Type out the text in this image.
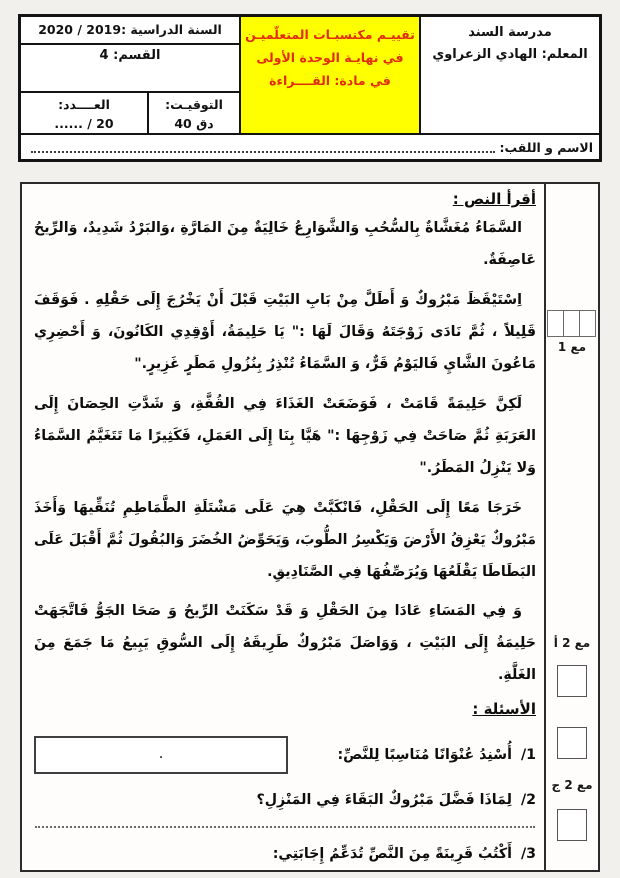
مدرسة السند
المعلم: الهادي الزعراوي
تقييـم مكتسبـات المتعلّميـن
في نهايـة الوحدة الأولى
في مادة: القــــراءة
السنة الدراسية :2019 / 2020
القسم: 4
التوقيـت:
40 دق
العــــدد:
20 / ......
الاسم و اللقب:
مع 1
مع 2 أ
مع 2 ج
أقرأ النص :

السَّمَاءُ مُغَشَّاةٌ بِالسُّحُبِ وَالشَّوَارِعُ خَالِيَةٌ مِنَ المَارَّةِ ،وَالبَرْدُ شَدِيدٌ، وَالرِّيحُ عَاصِفَةٌ.

اِسْتَيْقَظَ مَبْرُوكٌ وَ أَطَلَّ مِنْ بَابِ البَيْتِ قَبْلَ أَنْ يَخْرُجَ إِلَى حَقْلِهِ . فَوَقَفَ قَلِيلاً ، ثُمَّ نَادَى زَوْجَتَهُ وَقَالَ لَهَا :" يَا حَلِيمَةُ، أَوْقِدِي الكَانُونَ، وَ أَحْضِرِي مَاعُونَ الشَّايِ فَاليَوْمُ قَرٌّ، وَ السَّمَاءُ تُنْذِرُ بِنُزُولِ مَطَرٍ غَزِيرٍ."

لَكِنَّ حَلِيمَةً قَامَتْ ، فَوَضَعَتْ الغَذَاءَ فِي القُفَّةِ، وَ شَدَّتِ الحِصَانَ إِلَى العَرَبَةِ ثُمَّ صَاحَتْ فِي زَوْجِهَا :" هَيَّا بِنَا إِلَى العَمَلِ، فَكَثِيرًا مَا تَتَغَيَّمُ السَّمَاءُ وَلا يَنْزِلُ المَطَرُ."

خَرَجَا مَعًا إِلَى الحَقْلِ، فَانْكَبَّتْ هِيَ عَلَى مَشْتَلَةِ الطَّمَاطِمِ تُنَقِّيهَا وَأَخَذَ مَبْرُوكٌ يَعْزِقُ الأَرْضَ وَيَكْسِرُ الطُّوبَ، وَيَحَوِّضُ الخُضَرَ وَالبُقُولَ ثُمَّ أَقْبَلَ عَلَى البَطَاطَا يَقْلَعُهَا وَيُرَصِّفُهَا فِي الصَّنَادِيقِ.

وَ فِي المَسَاءِ عَادَا مِنَ الحَقْلِ وَ قَدْ سَكَنَتْ الرِّيحُ وَ صَحَا الجَوُّ فَاتَّجَهَتْ حَلِيمَةُ إِلَى البَيْتِ ، وَوَاصَلَ مَبْرُوكٌ طَرِيقَهُ إِلَى السُّوقِ يَبِيعُ مَا جَمَعَ مِنَ الغَلَّةِ.

الأسئلة :
1/
أُسْنِدُ عُنْوَانًا مُنَاسِبًا لِلنَّصِّ:
.
2/
لِمَاذَا فَضَّلَ مَبْرُوكٌ البَقَاءَ فِي المَنْزِلِ؟
3/
أَكْتُبُ قَرِينَةً مِنَ النَّصِّ تُدَعِّمُ إِجَابَتِي:
